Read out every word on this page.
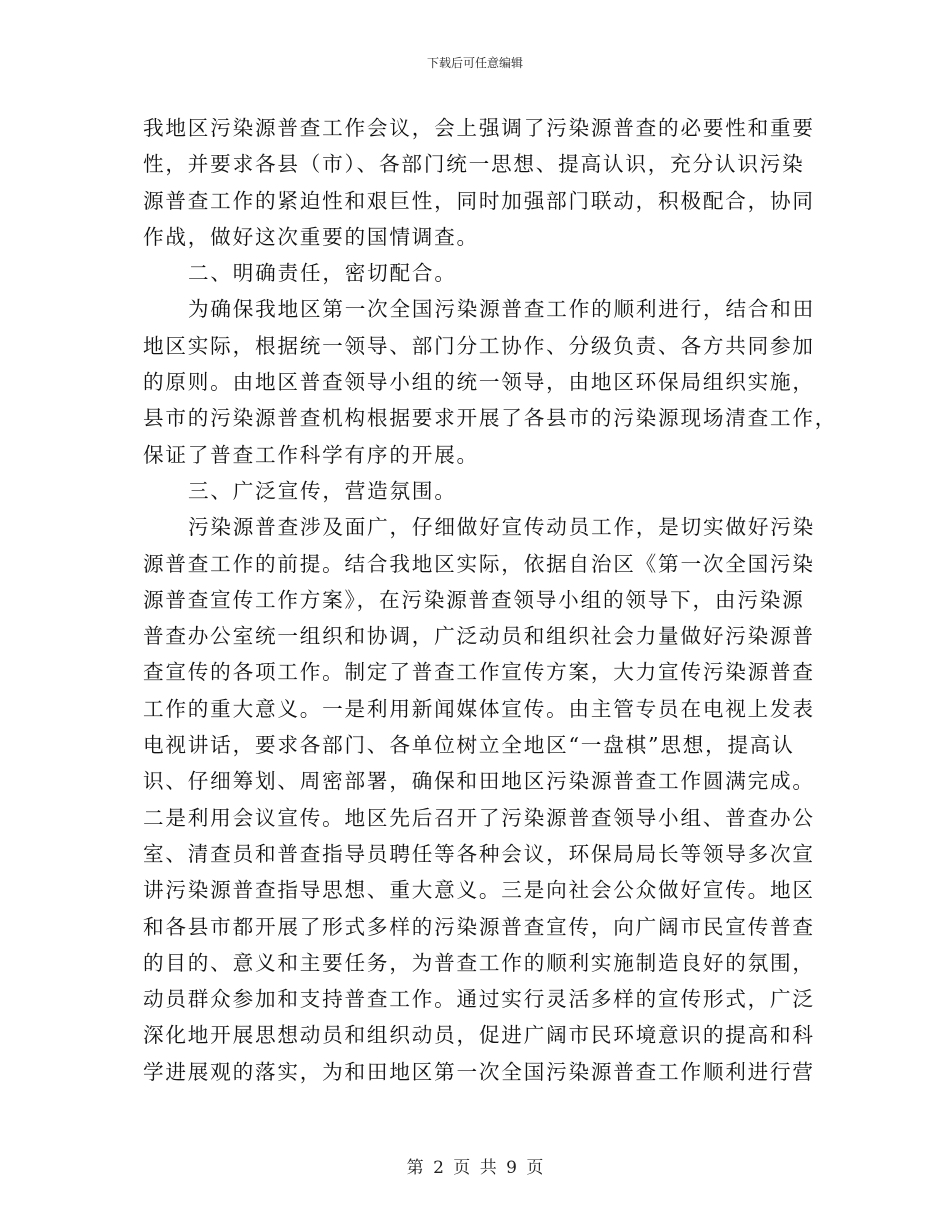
下载后可任意编辑
我地区污染源普查工作会议，会上强调了污染源普查的必要性和重要
性，并要求各县（市）、各部门统一思想、提高认识，充分认识污染
源普查工作的紧迫性和艰巨性，同时加强部门联动，积极配合，协同
作战，做好这次重要的国情调查。
二、明确责任，密切配合。
为确保我地区第一次全国污染源普查工作的顺利进行，结合和田
地区实际，根据统一领导、部门分工协作、分级负责、各方共同参加
的原则。由地区普查领导小组的统一领导，由地区环保局组织实施，
县市的污染源普查机构根据要求开展了各县市的污染源现场清查工作，
保证了普查工作科学有序的开展。
三、广泛宣传，营造氛围。
污染源普查涉及面广，仔细做好宣传动员工作，是切实做好污染
源普查工作的前提。结合我地区实际，依据自治区《第一次全国污染
源普查宣传工作方案》，在污染源普查领导小组的领导下，由污染源
普查办公室统一组织和协调，广泛动员和组织社会力量做好污染源普
查宣传的各项工作。制定了普查工作宣传方案，大力宣传污染源普查
工作的重大意义。一是利用新闻媒体宣传。由主管专员在电视上发表
电视讲话，要求各部门、各单位树立全地区“一盘棋”思想，提高认
识、仔细筹划、周密部署，确保和田地区污染源普查工作圆满完成。
二是利用会议宣传。地区先后召开了污染源普查领导小组、普查办公
室、清查员和普查指导员聘任等各种会议，环保局局长等领导多次宣
讲污染源普查指导思想、重大意义。三是向社会公众做好宣传。地区
和各县市都开展了形式多样的污染源普查宣传，向广阔市民宣传普查
的目的、意义和主要任务，为普查工作的顺利实施制造良好的氛围，
动员群众参加和支持普查工作。通过实行灵活多样的宣传形式，广泛
深化地开展思想动员和组织动员，促进广阔市民环境意识的提高和科
学进展观的落实，为和田地区第一次全国污染源普查工作顺利进行营
第 2 页 共 9 页
